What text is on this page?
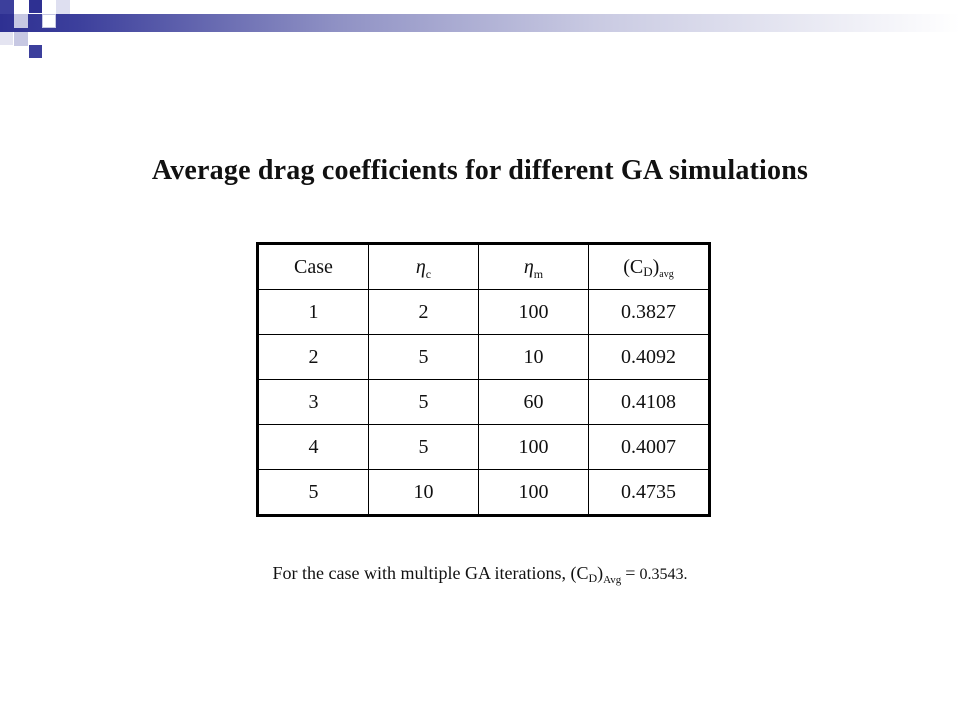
Average drag coefficients for different GA simulations
Case	$\eta_c$	$\eta_m$	$(CD)_{avg}$
1	2	100	0.3827
2	5	10	0.4092
3	5	60	0.4108
4	5	100	0.4007
5	10	100	0.4735
For the case with multiple GA iterations, $(CD)_{Avg} = 0.3543$.
